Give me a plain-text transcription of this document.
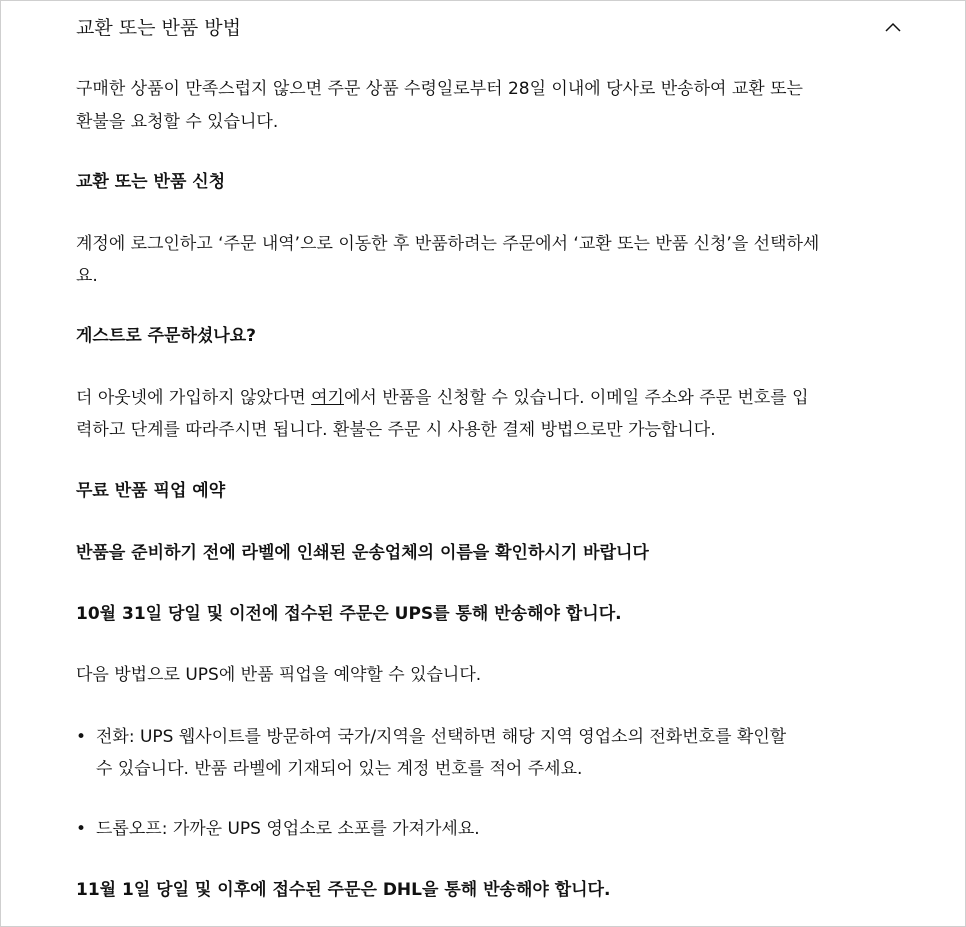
교환 또는 반품 방법

구매한 상품이 만족스럽지 않으면 주문 상품 수령일로부터 28일 이내에 당사로 반송하여 교환 또는

환불을 요청할 수 있습니다.

교환 또는 반품 신청

계정에 로그인하고 ‘주문 내역’으로 이동한 후 반품하려는 주문에서 ‘교환 또는 반품 신청’을 선택하세

요.

게스트로 주문하셨나요?

더 아웃넷에 가입하지 않았다면 여기에서 반품을 신청할 수 있습니다. 이메일 주소와 주문 번호를 입

력하고 단계를 따라주시면 됩니다. 환불은 주문 시 사용한 결제 방법으로만 가능합니다.

무료 반품 픽업 예약

반품을 준비하기 전에 라벨에 인쇄된 운송업체의 이름을 확인하시기 바랍니다

10월 31일 당일 및 이전에 접수된 주문은 UPS를 통해 반송해야 합니다.

다음 방법으로 UPS에 반품 픽업을 예약할 수 있습니다.

• 전화: UPS 웹사이트를 방문하여 국가/지역을 선택하면 해당 지역 영업소의 전화번호를 확인할

수 있습니다. 반품 라벨에 기재되어 있는 계정 번호를 적어 주세요.

• 드롭오프: 가까운 UPS 영업소로 소포를 가져가세요.

11월 1일 당일 및 이후에 접수된 주문은 DHL을 통해 반송해야 합니다.
